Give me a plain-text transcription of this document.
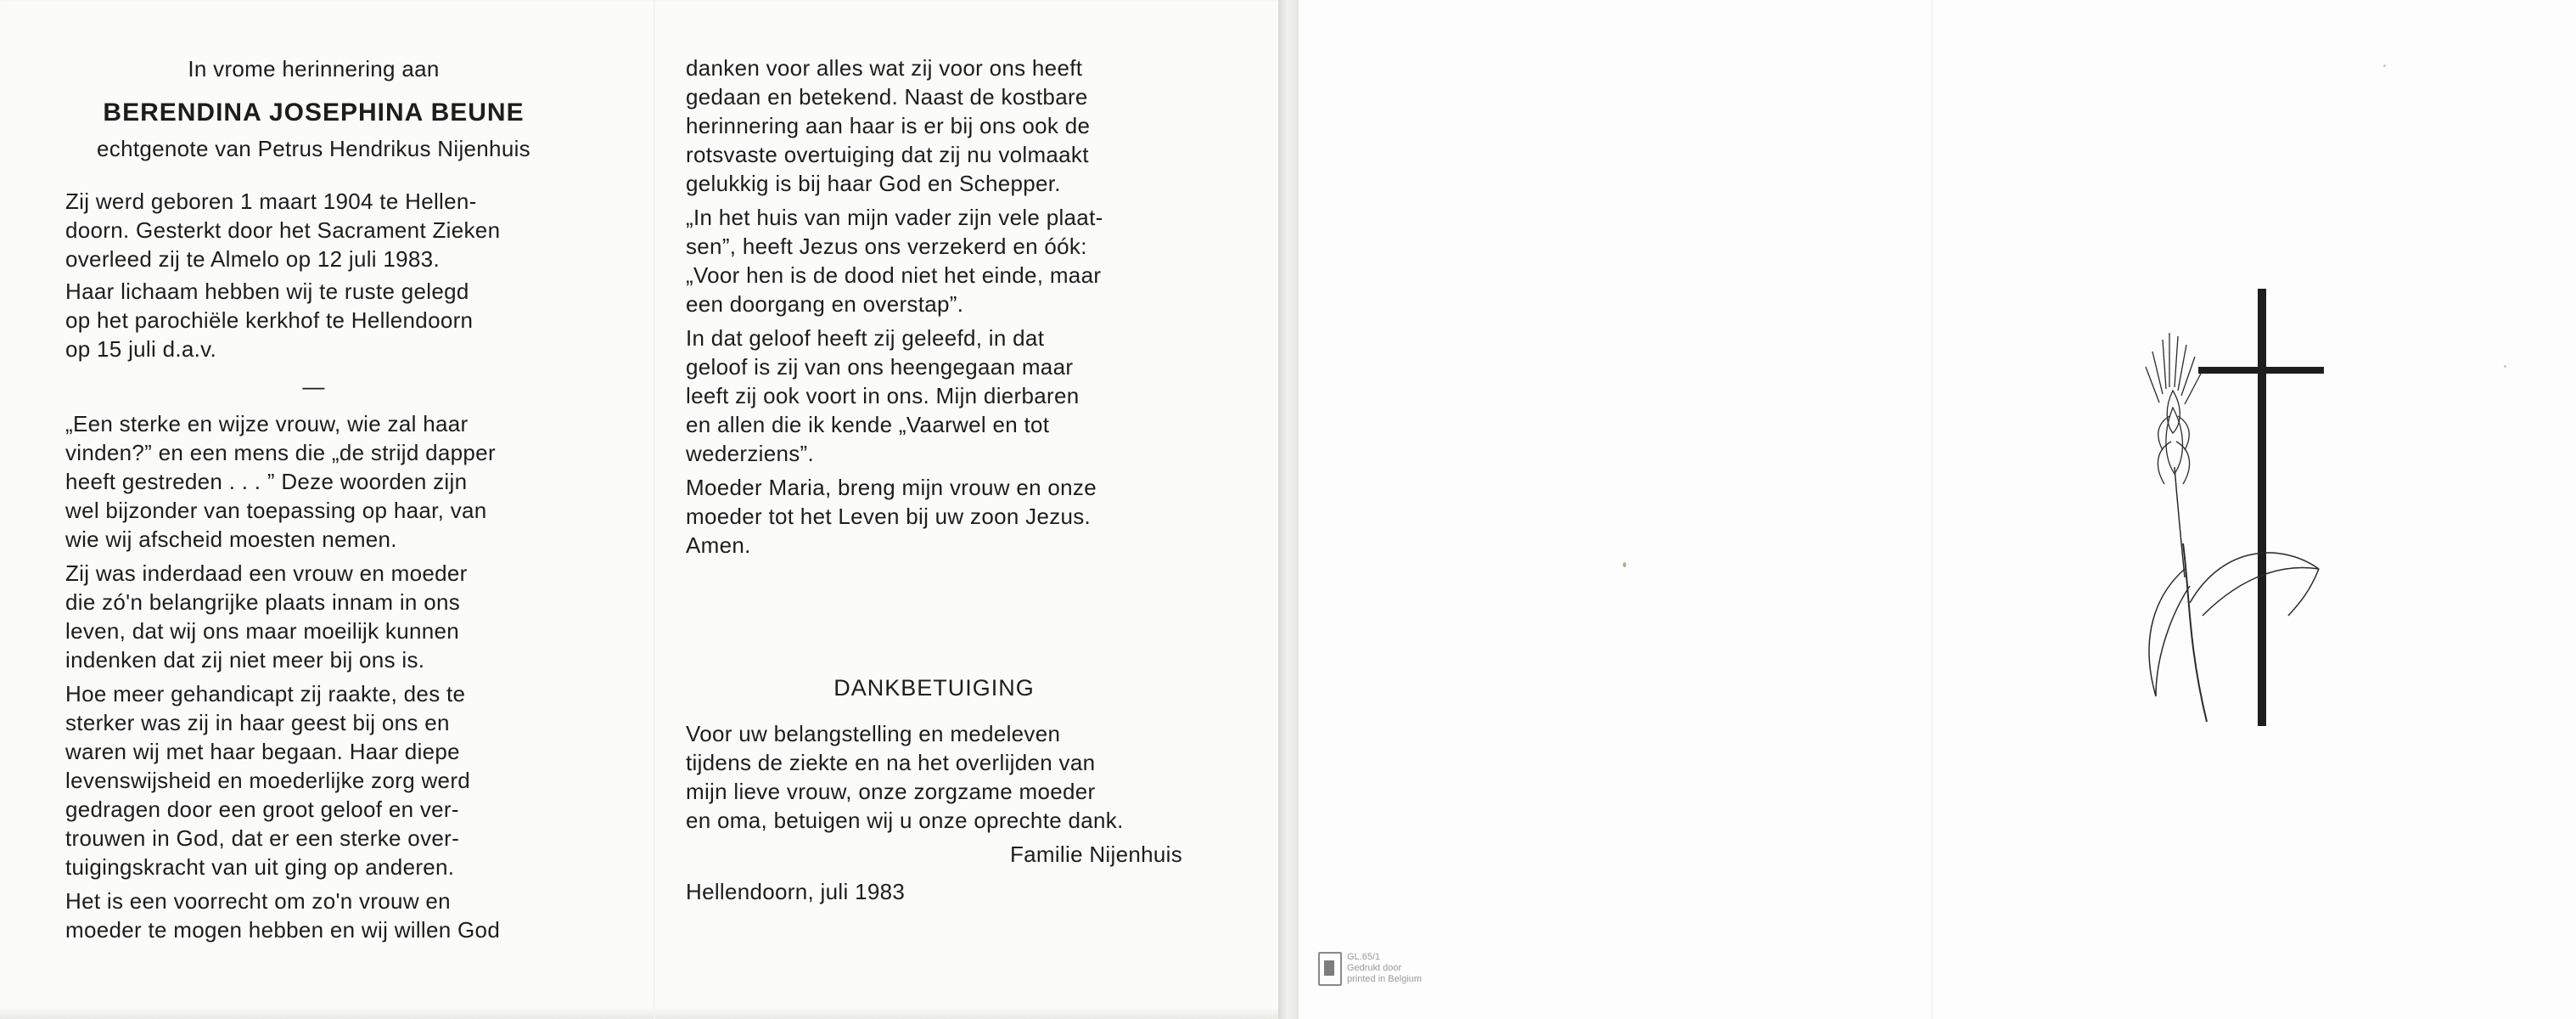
In vrome herinnering aan
BERENDINA JOSEPHINA BEUNE
echtgenote van Petrus Hendrikus Nijenhuis
Zij werd geboren 1 maart 1904 te Hellen-
doorn. Gesterkt door het Sacrament Zieken
overleed zij te Almelo op 12 juli 1983.
Haar lichaam hebben wij te ruste gelegd
op het parochiële kerkhof te Hellendoorn
op 15 juli d.a.v.
—
„Een sterke en wijze vrouw, wie zal haar
vinden?” en een mens die „de strijd dapper
heeft gestreden . . . ” Deze woorden zijn
wel bijzonder van toepassing op haar, van
wie wij afscheid moesten nemen.
Zij was inderdaad een vrouw en moeder
die zó'n belangrijke plaats innam in ons
leven, dat wij ons maar moeilijk kunnen
indenken dat zij niet meer bij ons is.
Hoe meer gehandicapt zij raakte, des te
sterker was zij in haar geest bij ons en
waren wij met haar begaan. Haar diepe
levenswijsheid en moederlijke zorg werd
gedragen door een groot geloof en ver-
trouwen in God, dat er een sterke over-
tuigingskracht van uit ging op anderen.
Het is een voorrecht om zo'n vrouw en
moeder te mogen hebben en wij willen God
danken voor alles wat zij voor ons heeft
gedaan en betekend. Naast de kostbare
herinnering aan haar is er bij ons ook de
rotsvaste overtuiging dat zij nu volmaakt
gelukkig is bij haar God en Schepper.
„In het huis van mijn vader zijn vele plaat-
sen”, heeft Jezus ons verzekerd en óók:
„Voor hen is de dood niet het einde, maar
een doorgang en overstap”.
In dat geloof heeft zij geleefd, in dat
geloof is zij van ons heengegaan maar
leeft zij ook voort in ons. Mijn dierbaren
en allen die ik kende „Vaarwel en tot
wederziens”.
Moeder Maria, breng mijn vrouw en onze
moeder tot het Leven bij uw zoon Jezus.
Amen.
DANKBETUIGING
Voor uw belangstelling en medeleven
tijdens de ziekte en na het overlijden van
mijn lieve vrouw, onze zorgzame moeder
en oma, betuigen wij u onze oprechte dank.
Familie Nijenhuis
Hellendoorn, juli 1983
GL.65/1
Gedrukt door
printed in Belgium
